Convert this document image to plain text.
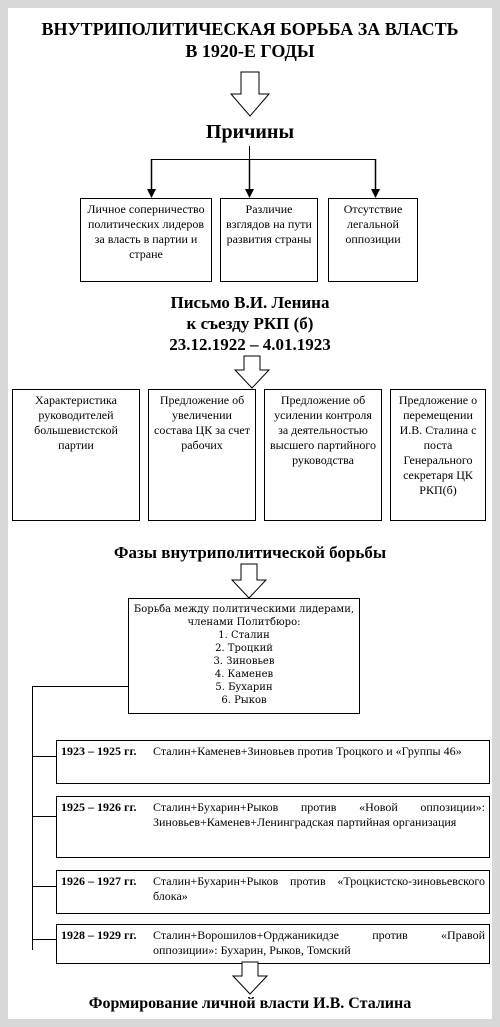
ВНУТРИПОЛИТИЧЕСКАЯ БОРЬБА ЗА ВЛАСТЬ
В 1920-Е ГОДЫ
Причины
Личное соперничество политических лидеров за власть в партии и стране
Различие взглядов на пути развития страны
Отсутствие легальной оппозиции
Письмо В.И. Ленина
к съезду РКП (б)
23.12.1922 – 4.01.1923
Характеристика руководителей большевистской партии
Предложение об увеличении состава ЦК за счет рабочих
Предложение об усилении контроля за деятельностью высшего партийного руководства
Предложение о перемещении И.В. Сталина с поста Генерального секретаря ЦК РКП(б)
Фазы внутриполитической борьбы
Борьба между политическими лидерами,
членами Политбюро:
1. Сталин
2. Троцкий
3. Зиновьев
4. Каменев
5. Бухарин
6. Рыков
1923 – 1925 гг. Сталин+Каменев+Зиновьев против Троцкого и «Группы 46»
1925 – 1926 гг. Сталин+Бухарин+Рыков против «Новой оппозиции»: Зиновьев+Каменев+Ленинградская партийная организация
1926 – 1927 гг. Сталин+Бухарин+Рыков против «Троцкистско-зиновьевского блока»
1928 – 1929 гг. Сталин+Ворошилов+Орджаникидзе против «Правой оппозиции»: Бухарин, Рыков, Томский
Формирование личной власти И.В. Сталина
